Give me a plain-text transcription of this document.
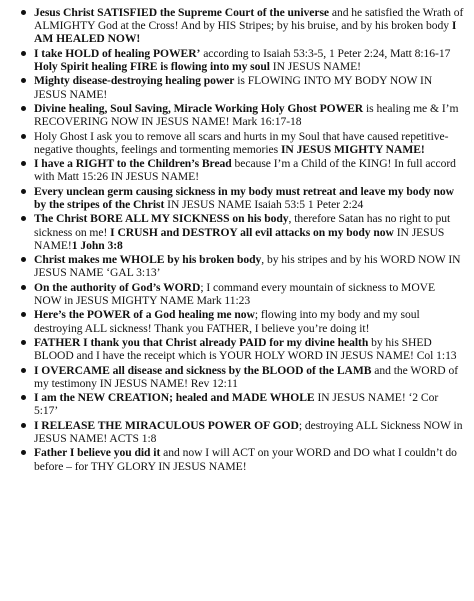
Jesus Christ SATISFIED the Supreme Court of the universe and he satisfied the Wrath of ALMIGHTY God at the Cross! And by HIS Stripes; by his bruise, and by his broken body I AM HEALED NOW!
I take HOLD of healing POWER’ according to Isaiah 53:3-5, 1 Peter 2:24, Matt 8:16-17 Holy Spirit healing FIRE is flowing into my soul IN JESUS NAME!
Mighty disease-destroying healing power is FLOWING INTO MY BODY NOW IN JESUS NAME!
Divine healing, Soul Saving, Miracle Working Holy Ghost POWER is healing me & I’m RECOVERING NOW IN JESUS NAME! Mark 16:17-18
Holy Ghost I ask you to remove all scars and hurts in my Soul that have caused repetitive-negative thoughts, feelings and tormenting memories IN JESUS MIGHTY NAME!
I have a RIGHT to the Children’s Bread because I’m a Child of the KING! In full accord with Matt 15:26 IN JESUS NAME!
Every unclean germ causing sickness in my body must retreat and leave my body now by the stripes of the Christ IN JESUS NAME Isaiah 53:5 1 Peter 2:24
The Christ BORE ALL MY SICKNESS on his body, therefore Satan has no right to put sickness on me! I CRUSH and DESTROY all evil attacks on my body now IN JESUS NAME!1 John 3:8
Christ makes me WHOLE by his broken body, by his stripes and by his WORD NOW IN JESUS NAME ‘GAL 3:13’
On the authority of God’s WORD; I command every mountain of sickness to MOVE NOW in JESUS MIGHTY NAME Mark 11:23
Here’s the POWER of a God healing me now; flowing into my body and my soul destroying ALL sickness! Thank you FATHER, I believe you’re doing it!
FATHER I thank you that Christ already PAID for my divine health by his SHED BLOOD and I have the receipt which is YOUR HOLY WORD IN JESUS NAME! Col 1:13
I OVERCAME all disease and sickness by the BLOOD of the LAMB and the WORD of my testimony IN JESUS NAME! Rev 12:11
I am the NEW CREATION; healed and MADE WHOLE IN JESUS NAME! ‘2 Cor 5:17’
I RELEASE THE MIRACULOUS POWER OF GOD; destroying ALL Sickness NOW in JESUS NAME! ACTS 1:8
Father I believe you did it and now I will ACT on your WORD and DO what I couldn’t do before – for THY GLORY IN JESUS NAME!
